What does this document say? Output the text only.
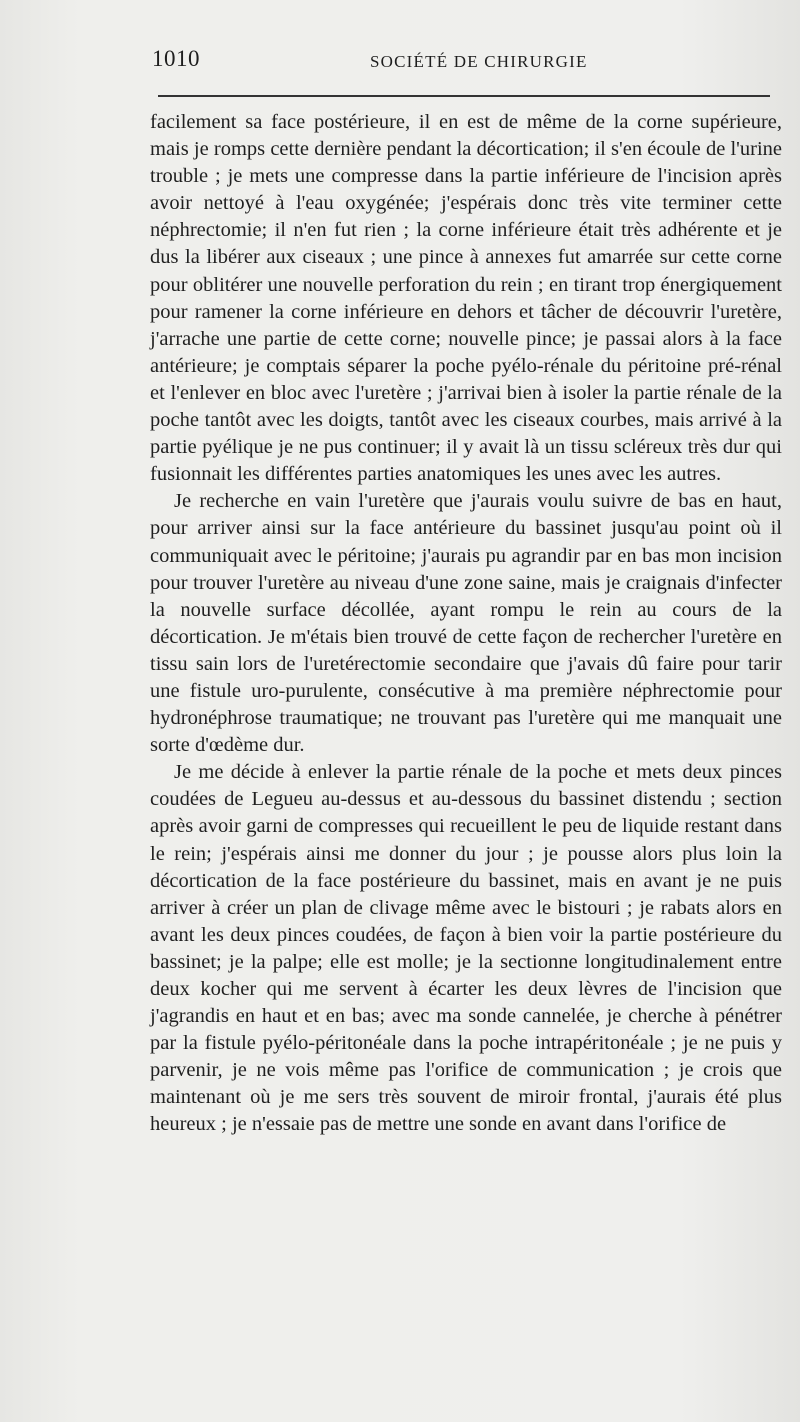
1010	SOCIÉTÉ DE CHIRURGIE

facilement sa face postérieure, il en est de même de la corne supérieure, mais je romps cette dernière pendant la décortication; il s'en écoule de l'urine trouble ; je mets une compresse dans la partie inférieure de l'incision après avoir nettoyé à l'eau oxygénée; j'espérais donc très vite terminer cette néphrectomie; il n'en fut rien ; la corne inférieure était très adhérente et je dus la libérer aux ciseaux ; une pince à annexes fut amarrée sur cette corne pour oblitérer une nouvelle perforation du rein ; en tirant trop énergiquement pour ramener la corne inférieure en dehors et tâcher de découvrir l'uretère, j'arrache une partie de cette corne; nouvelle pince; je passai alors à la face antérieure; je comptais séparer la poche pyélo-rénale du péritoine pré-rénal et l'enlever en bloc avec l'uretère ; j'arrivai bien à isoler la partie rénale de la poche tantôt avec les doigts, tantôt avec les ciseaux courbes, mais arrivé à la partie pyélique je ne pus continuer; il y avait là un tissu scléreux très dur qui fusionnait les différentes parties anatomiques les unes avec les autres.

Je recherche en vain l'uretère que j'aurais voulu suivre de bas en haut, pour arriver ainsi sur la face antérieure du bassinet jusqu'au point où il communiquait avec le péritoine; j'aurais pu agrandir par en bas mon incision pour trouver l'uretère au niveau d'une zone saine, mais je craignais d'infecter la nouvelle surface décollée, ayant rompu le rein au cours de la décortication. Je m'étais bien trouvé de cette façon de rechercher l'uretère en tissu sain lors de l'uretérectomie secondaire que j'avais dû faire pour tarir une fistule uro-purulente, consécutive à ma première néphrectomie pour hydronéphrose traumatique; ne trouvant pas l'uretère qui me manquait une sorte d'œdème dur.

Je me décide à enlever la partie rénale de la poche et mets deux pinces coudées de Legueu au-dessus et au-dessous du bassinet distendu ; section après avoir garni de compresses qui recueillent le peu de liquide restant dans le rein; j'espérais ainsi me donner du jour ; je pousse alors plus loin la décortication de la face postérieure du bassinet, mais en avant je ne puis arriver à créer un plan de clivage même avec le bistouri ; je rabats alors en avant les deux pinces coudées, de façon à bien voir la partie postérieure du bassinet; je la palpe; elle est molle; je la sectionne longitudinalement entre deux kocher qui me servent à écarter les deux lèvres de l'incision que j'agrandis en haut et en bas; avec ma sonde cannelée, je cherche à pénétrer par la fistule pyélo-péritonéale dans la poche intrapéritonéale ; je ne puis y parvenir, je ne vois même pas l'orifice de communication ; je crois que maintenant où je me sers très souvent de miroir frontal, j'aurais été plus heureux ; je n'essaie pas de mettre une sonde en avant dans l'orifice de
